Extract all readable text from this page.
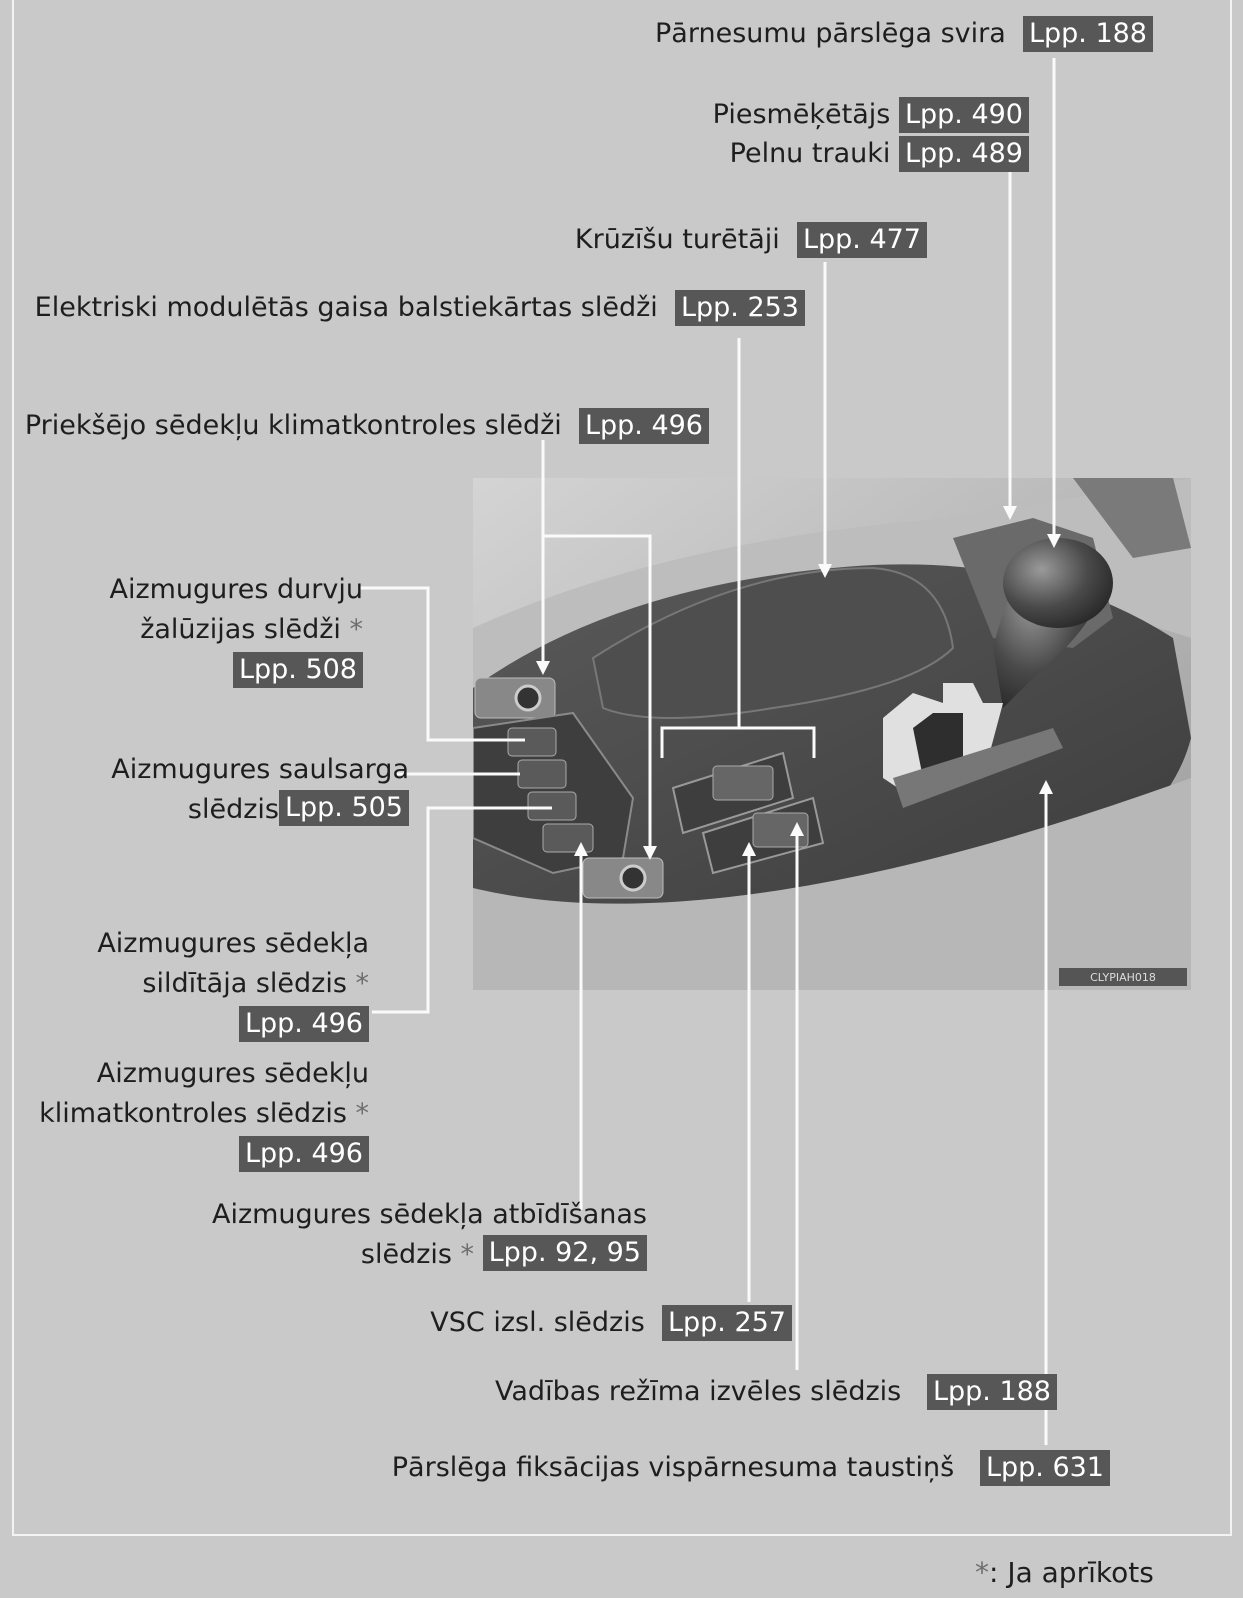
CLYPIAH018
Pārnesumu pārslēga svira Lpp. 188
Piesmēķētājs Lpp. 490
Pelnu trauki Lpp. 489
Krūzīšu turētāji Lpp. 477
Elektriski modulētās gaisa balstiekārtas slēdži Lpp. 253
Priekšējo sēdekļu klimatkontroles slēdži Lpp. 496
Aizmugures durvju
žalūzijas slēdži *
Lpp. 508
Aizmugures saulsarga
slēdzis Lpp. 505
Aizmugures sēdekļa
sildītāja slēdzis *
Lpp. 496
Aizmugures sēdekļu
klimatkontroles slēdzis *
Lpp. 496
Aizmugures sēdekļa atbīdīšanas
slēdzis * Lpp. 92, 95
VSC izsl. slēdzis Lpp. 257
Vadības režīma izvēles slēdzis Lpp. 188
Pārslēga fiksācijas vispārnesuma taustiņš Lpp. 631
*: Ja aprīkots
